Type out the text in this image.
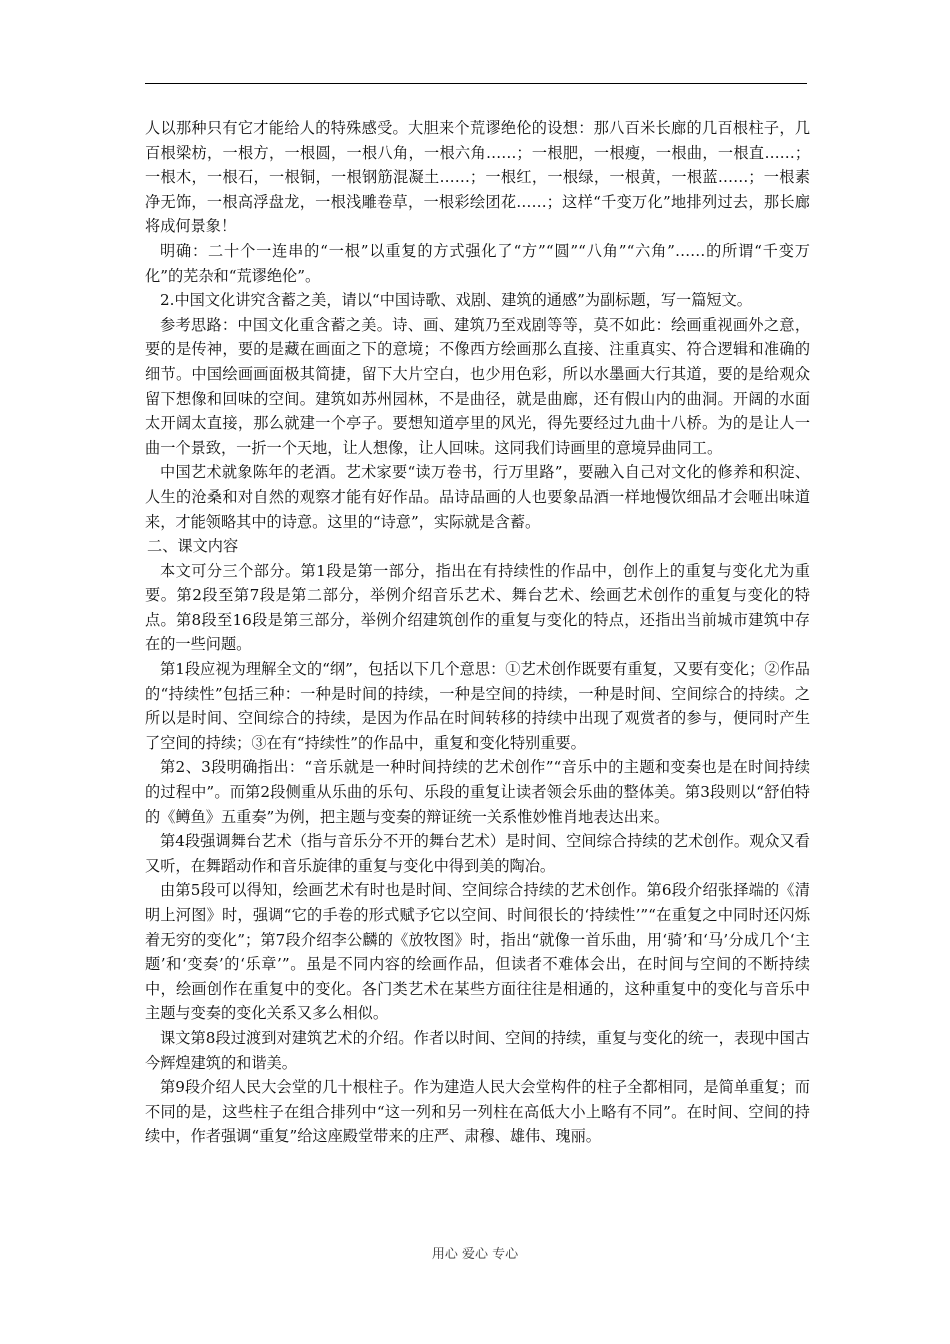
人以那种只有它才能给人的特殊感受。大胆来个荒谬绝伦的设想：那八百米长廊的几百根柱子，几百根梁枋，一根方，一根圆，一根八角，一根六角……；一根肥，一根瘦，一根曲，一根直……；一根木，一根石，一根铜，一根钢筋混凝土……；一根红，一根绿，一根黄，一根蓝……；一根素净无饰，一根高浮盘龙，一根浅雕卷草，一根彩绘团花……；这样“千变万化”地排列过去，那长廊将成何景象！

明确：二十个一连串的“一根”以重复的方式强化了“方”“圆”“八角”“六角”……的所谓“千变万化”的芜杂和“荒谬绝伦”。

2.中国文化讲究含蓄之美，请以“中国诗歌、戏剧、建筑的通感”为副标题，写一篇短文。

参考思路：中国文化重含蓄之美。诗、画、建筑乃至戏剧等等，莫不如此：绘画重视画外之意，要的是传神，要的是藏在画面之下的意境；不像西方绘画那么直接、注重真实、符合逻辑和准确的细节。中国绘画画面极其简捷，留下大片空白，也少用色彩，所以水墨画大行其道，要的是给观众留下想像和回味的空间。建筑如苏州园林，不是曲径，就是曲廊，还有假山内的曲洞。开阔的水面太开阔太直接，那么就建一个亭子。要想知道亭里的风光，得先要经过九曲十八桥。为的是让人一曲一个景致，一折一个天地，让人想像，让人回味。这同我们诗画里的意境异曲同工。

中国艺术就象陈年的老酒。艺术家要“读万卷书，行万里路”，要融入自己对文化的修养和积淀、人生的沧桑和对自然的观察才能有好作品。品诗品画的人也要象品酒一样地慢饮细品才会咂出味道来，才能领略其中的诗意。这里的“诗意”，实际就是含蓄。

二、课文内容

本文可分三个部分。第1段是第一部分，指出在有持续性的作品中，创作上的重复与变化尤为重要。第2段至第7段是第二部分，举例介绍音乐艺术、舞台艺术、绘画艺术创作的重复与变化的特点。第8段至16段是第三部分，举例介绍建筑创作的重复与变化的特点，还指出当前城市建筑中存在的一些问题。

第1段应视为理解全文的“纲”，包括以下几个意思：①艺术创作既要有重复，又要有变化；②作品的“持续性”包括三种：一种是时间的持续，一种是空间的持续，一种是时间、空间综合的持续。之所以是时间、空间综合的持续，是因为作品在时间转移的持续中出现了观赏者的参与，便同时产生了空间的持续；③在有“持续性”的作品中，重复和变化特别重要。

第2、3段明确指出：“音乐就是一种时间持续的艺术创作”“音乐中的主题和变奏也是在时间持续的过程中”。而第2段侧重从乐曲的乐句、乐段的重复让读者领会乐曲的整体美。第3段则以“舒伯特的《鳟鱼》五重奏”为例，把主题与变奏的辩证统一关系惟妙惟肖地表达出来。

第4段强调舞台艺术（指与音乐分不开的舞台艺术）是时间、空间综合持续的艺术创作。观众又看又听，在舞蹈动作和音乐旋律的重复与变化中得到美的陶冶。

由第5段可以得知，绘画艺术有时也是时间、空间综合持续的艺术创作。第6段介绍张择端的《清明上河图》时，强调“它的手卷的形式赋予它以空间、时间很长的‘持续性’”“在重复之中同时还闪烁着无穷的变化”；第7段介绍李公麟的《放牧图》时，指出“就像一首乐曲，用‘骑’和‘马’分成几个‘主题’和‘变奏’的‘乐章’”。虽是不同内容的绘画作品，但读者不难体会出，在时间与空间的不断持续中，绘画创作在重复中的变化。各门类艺术在某些方面往往是相通的，这种重复中的变化与音乐中主题与变奏的变化关系又多么相似。

课文第8段过渡到对建筑艺术的介绍。作者以时间、空间的持续，重复与变化的统一，表现中国古今辉煌建筑的和谐美。

第9段介绍人民大会堂的几十根柱子。作为建造人民大会堂构件的柱子全都相同，是简单重复；而不同的是，这些柱子在组合排列中“这一列和另一列柱在高低大小上略有不同”。在时间、空间的持续中，作者强调“重复”给这座殿堂带来的庄严、肃穆、雄伟、瑰丽。

用心 爱心 专心
